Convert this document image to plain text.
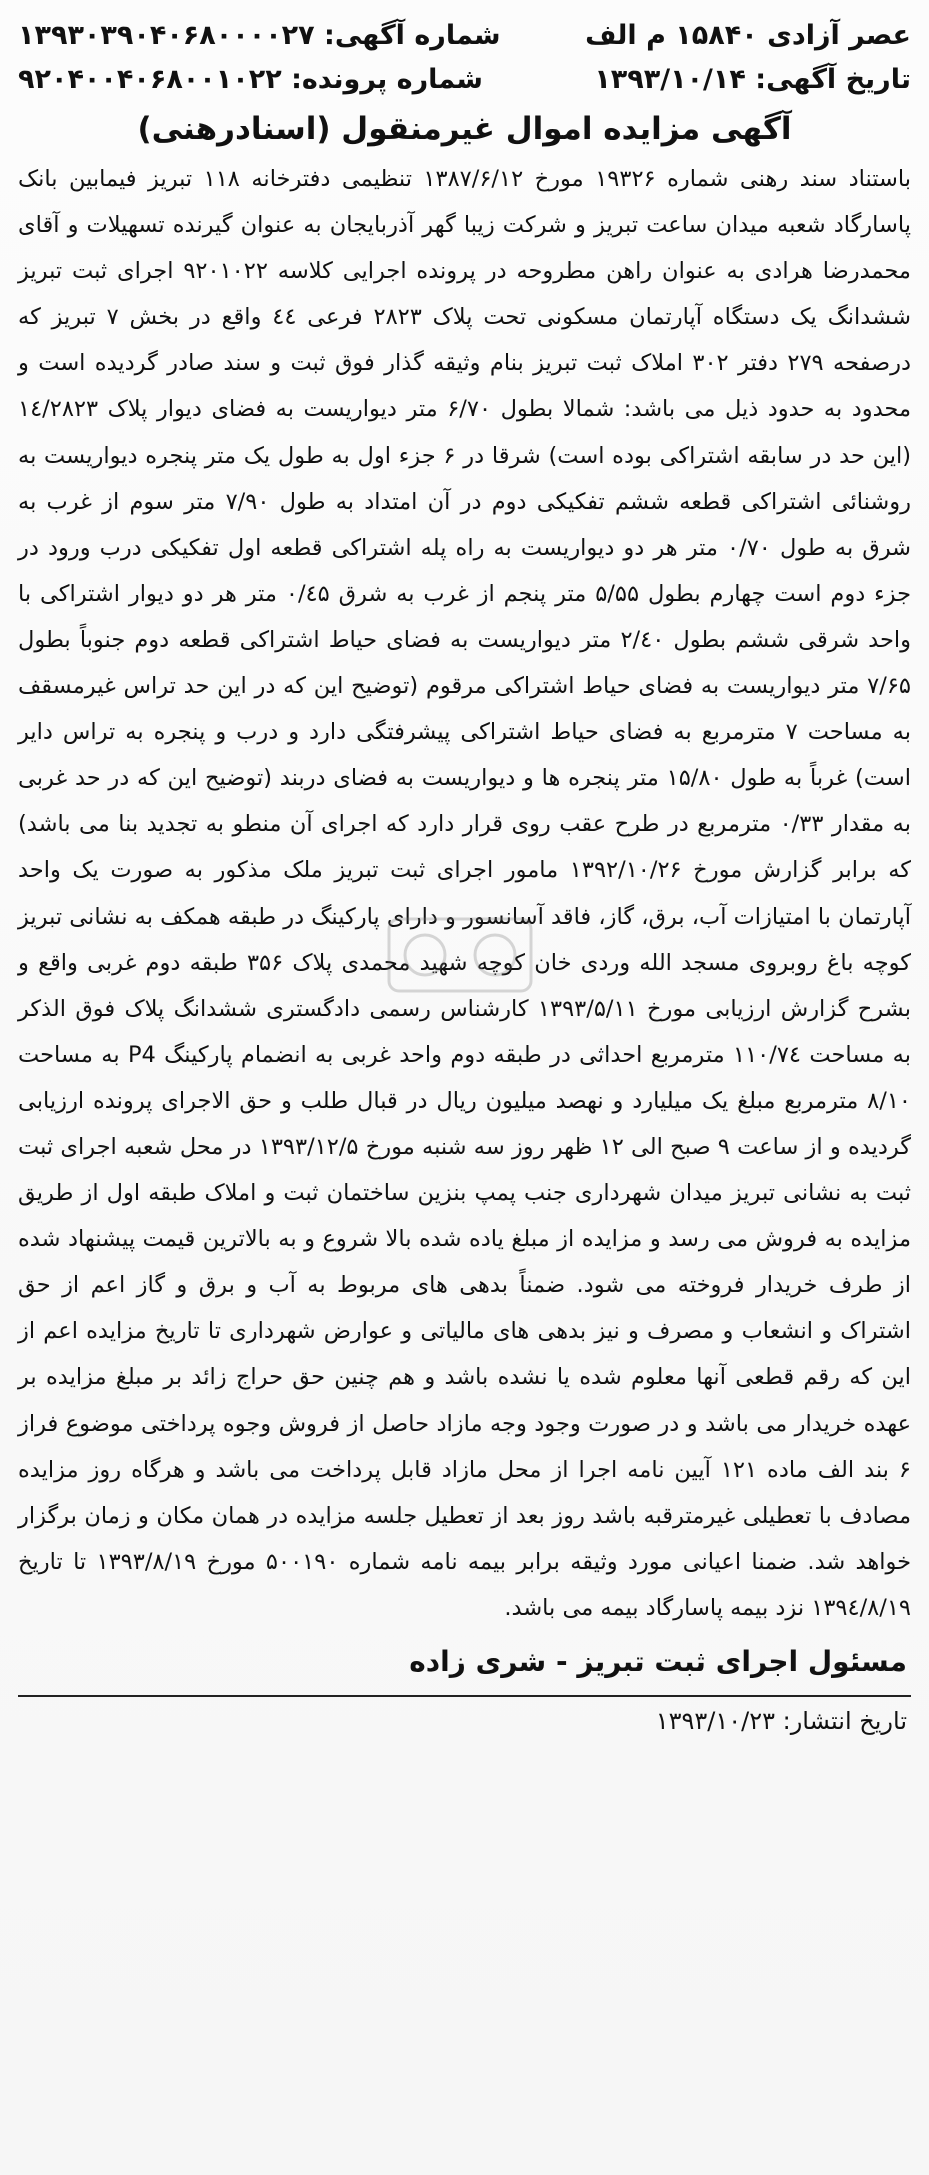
عصر آزادی ۱۵۸۴۰ م الف
شماره آگهی: ۱۳۹۳۰۳۹۰۴۰۶۸۰۰۰۰۲۷
تاریخ آگهی: ۱۳۹۳/۱۰/۱۴
شماره پرونده: ۹۲۰۴۰۰۴۰۶۸۰۰۱۰۲۲
آگهی مزایده اموال غیرمنقول (اسنادرهنی)

باستناد سند رهنی شماره ۱۹۳۲۶ مورخ ۱۳۸۷/۶/۱۲ تنظیمی دفترخانه ۱۱۸ تبریز فیمابین بانک پاسارگاد شعبه میدان ساعت تبریز و شرکت زیبا گهر آذربایجان به عنوان گیرنده تسهیلات و آقای محمدرضا هرادی به عنوان راهن مطروحه در پرونده اجرایی کلاسه ۹۲۰۱۰۲۲ اجرای ثبت تبریز ششدانگ یک دستگاه آپارتمان مسکونی تحت پلاک ۲۸۲۳ فرعی ٤٤ واقع در بخش ۷ تبریز که درصفحه ۲۷۹ دفتر ۳۰۲ املاک ثبت تبریز بنام وثیقه گذار فوق ثبت و سند صادر گردیده است و محدود به حدود ذیل می باشد: شمالا بطول ۶/۷۰ متر دیواریست به فضای دیوار پلاک ۱٤/۲۸۲۳ (این حد در سابقه اشتراکی بوده است) شرقا در ۶ جزء اول به طول یک متر پنجره دیواریست به روشنائی اشتراکی قطعه ششم تفکیکی دوم در آن امتداد به طول ۷/۹۰ متر سوم از غرب به شرق به طول ۰/۷۰ متر هر دو دیواریست به راه پله اشتراکی قطعه اول تفکیکی درب ورود در جزء دوم است چهارم بطول ۵/۵۵ متر پنجم از غرب به شرق ۰/٤۵ متر هر دو دیوار اشتراکی با واحد شرقی ششم بطول ۲/٤۰ متر دیواریست به فضای حیاط اشتراکی قطعه دوم جنوباً بطول ۷/۶۵ متر دیواریست به فضای حیاط اشتراکی مرقوم (توضیح این که در این حد تراس غیرمسقف به مساحت ۷ مترمربع به فضای حیاط اشتراکی پیشرفتگی دارد و درب و پنجره به تراس دایر است) غرباً به طول ۱۵/۸۰ متر پنجره ها و دیواریست به فضای دربند (توضیح این که در حد غربی به مقدار ۰/۳۳ مترمربع در طرح عقب روی قرار دارد که اجرای آن منطو به تجدید بنا می باشد) که برابر گزارش مورخ ۱۳۹۲/۱۰/۲۶ مامور اجرای ثبت تبریز ملک مذکور به صورت یک واحد آپارتمان با امتیازات آب، برق، گاز، فاقد آسانسور و دارای پارکینگ در طبقه همکف به نشانی تبریز کوچه باغ روبروی مسجد الله وردی خان کوچه شهید محمدی پلاک ۳۵۶ طبقه دوم غربی واقع و بشرح گزارش ارزیابی مورخ ۱۳۹۳/۵/۱۱ کارشناس رسمی دادگستری ششدانگ پلاک فوق الذکر به مساحت ۱۱۰/۷٤ مترمربع احداثی در طبقه دوم واحد غربی به انضمام پارکینگ P4 به مساحت ۸/۱۰ مترمربع مبلغ یک میلیارد و نهصد میلیون ریال در قبال طلب و حق الاجرای پرونده ارزیابی گردیده و از ساعت ۹ صبح الی ۱۲ ظهر روز سه شنبه مورخ ۱۳۹۳/۱۲/۵ در محل شعبه اجرای ثبت ثبت به نشانی تبریز میدان شهرداری جنب پمپ بنزین ساختمان ثبت و املاک طبقه اول از طریق مزایده به فروش می رسد و مزایده از مبلغ یاده شده بالا شروع و به بالاترین قیمت پیشنهاد شده از طرف خریدار فروخته می شود. ضمناً بدهی های مربوط به آب و برق و گاز اعم از حق اشتراک و انشعاب و مصرف و نیز بدهی های مالیاتی و عوارض شهرداری تا تاریخ مزایده اعم از این که رقم قطعی آنها معلوم شده یا نشده باشد و هم چنین حق حراج زائد بر مبلغ مزایده بر عهده خریدار می باشد و در صورت وجود وجه مازاد حاصل از فروش وجوه پرداختی موضوع فراز ۶ بند الف ماده ۱۲۱ آیین نامه اجرا از محل مازاد قابل پرداخت می باشد و هرگاه روز مزایده مصادف با تعطیلی غیرمترقبه باشد روز بعد از تعطیل جلسه مزایده در همان مکان و زمان برگزار خواهد شد. ضمنا اعیانی مورد وثیقه برابر بیمه نامه شماره ۵۰۰۱۹۰ مورخ ۱۳۹۳/۸/۱۹ تا تاریخ ۱۳۹٤/۸/۱۹ نزد بیمه پاسارگاد بیمه می باشد.

مسئول اجرای ثبت تبریز - شری زاده
تاریخ انتشار: ۱۳۹۳/۱۰/۲۳
